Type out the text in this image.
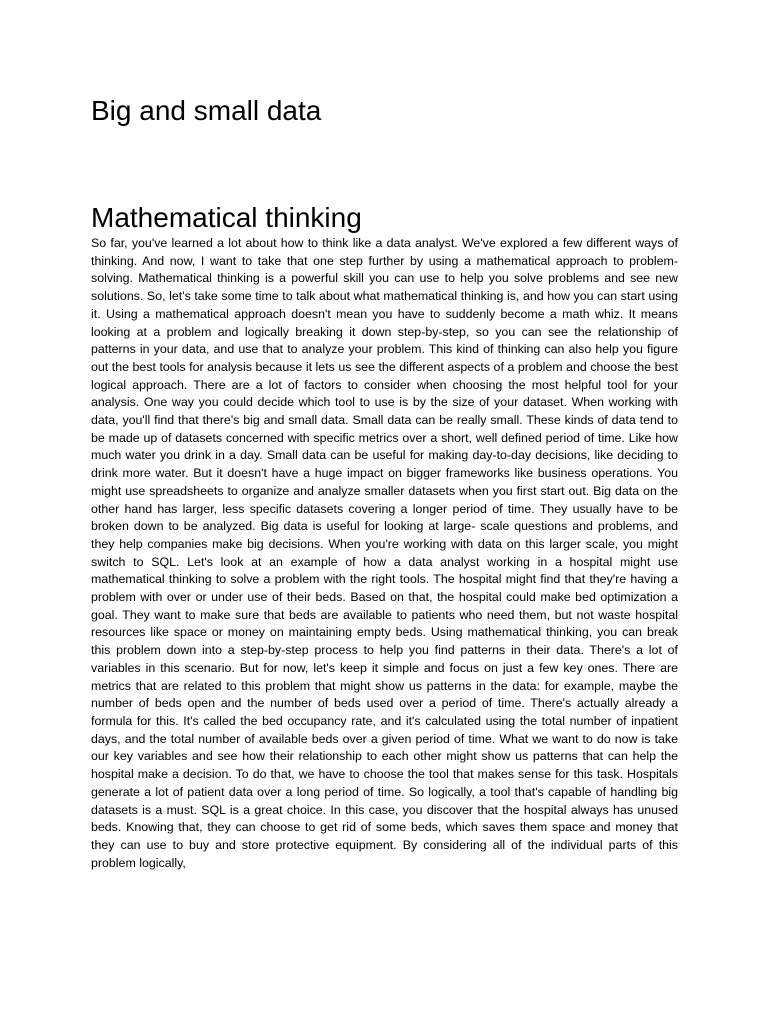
Big and small data
Mathematical thinking

So far, you've learned a lot about how to think like a data analyst. We've explored a few different ways of thinking. And now, I want to take that one step further by using a mathematical approach to problem-solving. Mathematical thinking is a powerful skill you can use to help you solve problems and see new solutions. So, let's take some time to talk about what mathematical thinking is, and how you can start using it. Using a mathematical approach doesn't mean you have to suddenly become a math whiz. It means looking at a problem and logically breaking it down step-by-step, so you can see the relationship of patterns in your data, and use that to analyze your problem. This kind of thinking can also help you figure out the best tools for analysis because it lets us see the different aspects of a problem and choose the best logical approach. There are a lot of factors to consider when choosing the most helpful tool for your analysis. One way you could decide which tool to use is by the size of your dataset. When working with data, you'll find that there's big and small data. Small data can be really small. These kinds of data tend to be made up of datasets concerned with specific metrics over a short, well defined period of time. Like how much water you drink in a day. Small data can be useful for making day-to-day decisions, like deciding to drink more water. But it doesn't have a huge impact on bigger frameworks like business operations. You might use spreadsheets to organize and analyze smaller datasets when you first start out. Big data on the other hand has larger, less specific datasets covering a longer period of time. They usually have to be broken down to be analyzed. Big data is useful for looking at large- scale questions and problems, and they help companies make big decisions. When you're working with data on this larger scale, you might switch to SQL. Let's look at an example of how a data analyst working in a hospital might use mathematical thinking to solve a problem with the right tools. The hospital might find that they're having a problem with over or under use of their beds. Based on that, the hospital could make bed optimization a goal. They want to make sure that beds are available to patients who need them, but not waste hospital resources like space or money on maintaining empty beds. Using mathematical thinking, you can break this problem down into a step-by-step process to help you find patterns in their data. There's a lot of variables in this scenario. But for now, let's keep it simple and focus on just a few key ones. There are metrics that are related to this problem that might show us patterns in the data: for example, maybe the number of beds open and the number of beds used over a period of time. There's actually already a formula for this. It's called the bed occupancy rate, and it's calculated using the total number of inpatient days, and the total number of available beds over a given period of time. What we want to do now is take our key variables and see how their relationship to each other might show us patterns that can help the hospital make a decision. To do that, we have to choose the tool that makes sense for this task. Hospitals generate a lot of patient data over a long period of time. So logically, a tool that's capable of handling big datasets is a must. SQL is a great choice. In this case, you discover that the hospital always has unused beds. Knowing that, they can choose to get rid of some beds, which saves them space and money that they can use to buy and store protective equipment. By considering all of the individual parts of this problem logically,
